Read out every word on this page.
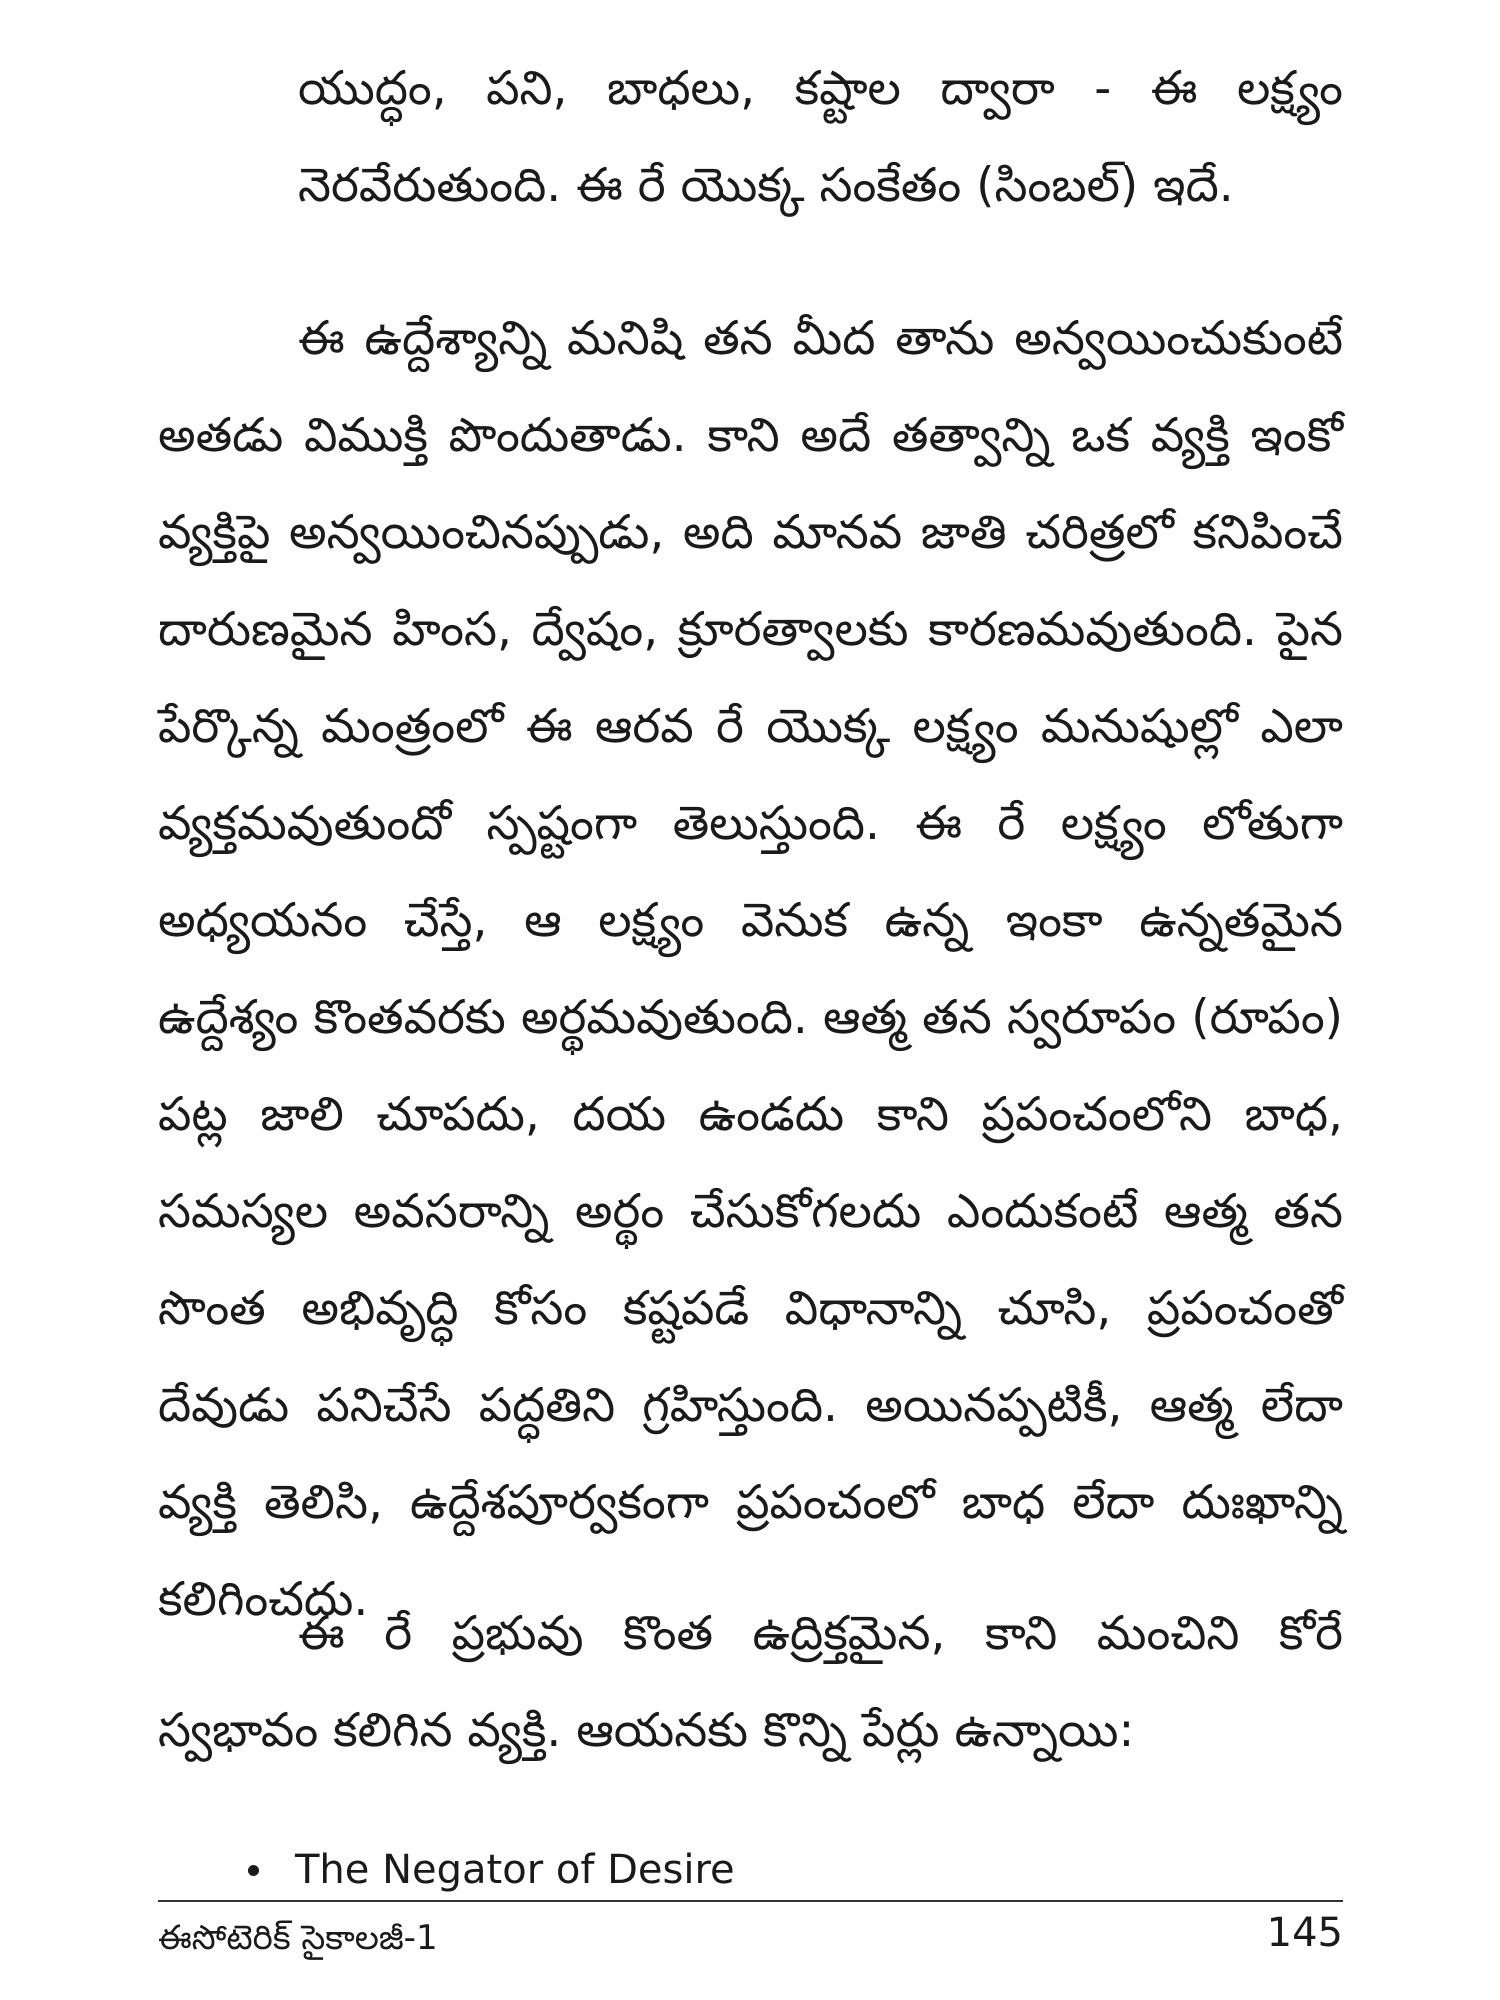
యుద్ధం, పని, బాధలు, కష్టాల ద్వారా - ఈ లక్ష్యం నెరవేరుతుంది. ఈ రే యొక్క సంకేతం (సింబల్) ఇదే.

ఈ ఉద్దేశ్యాన్ని మనిషి తన మీద తాను అన్వయించుకుంటే అతడు విముక్తి పొందుతాడు. కాని అదే తత్వాన్ని ఒక వ్యక్తి ఇంకో వ్యక్తిపై అన్వయించినప్పుడు, అది మానవ జాతి చరిత్రలో కనిపించే దారుణమైన హింస, ద్వేషం, క్రూరత్వాలకు కారణమవుతుంది. పైన పేర్కొన్న మంత్రంలో ఈ ఆరవ రే యొక్క లక్ష్యం మనుషుల్లో ఎలా వ్యక్తమవుతుందో స్పష్టంగా తెలుస్తుంది. ఈ రే లక్ష్యం లోతుగా అధ్యయనం చేస్తే, ఆ లక్ష్యం వెనుక ఉన్న ఇంకా ఉన్నతమైన ఉద్దేశ్యం కొంతవరకు అర్థమవుతుంది. ఆత్మ తన స్వరూపం (రూపం) పట్ల జాలి చూపదు, దయ ఉండదు కాని ప్రపంచంలోని బాధ, సమస్యల అవసరాన్ని అర్థం చేసుకోగలదు ఎందుకంటే ఆత్మ తన సొంత అభివృద్ధి కోసం కష్టపడే విధానాన్ని చూసి, ప్రపంచంతో దేవుడు పనిచేసే పద్ధతిని గ్రహిస్తుంది. అయినప్పటికీ, ఆత్మ లేదా వ్యక్తి తెలిసి, ఉద్దేశపూర్వకంగా ప్రపంచంలో బాధ లేదా దుఃఖాన్ని కలిగించదు.

ఈ రే ప్రభువు కొంత ఉద్రిక్తమైన, కాని మంచిని కోరే స్వభావం కలిగిన వ్యక్తి. ఆయనకు కొన్ని పేర్లు ఉన్నాయి:

The Negator of Desire
ఈసోటెరిక్ సైకాలజీ-1	145
